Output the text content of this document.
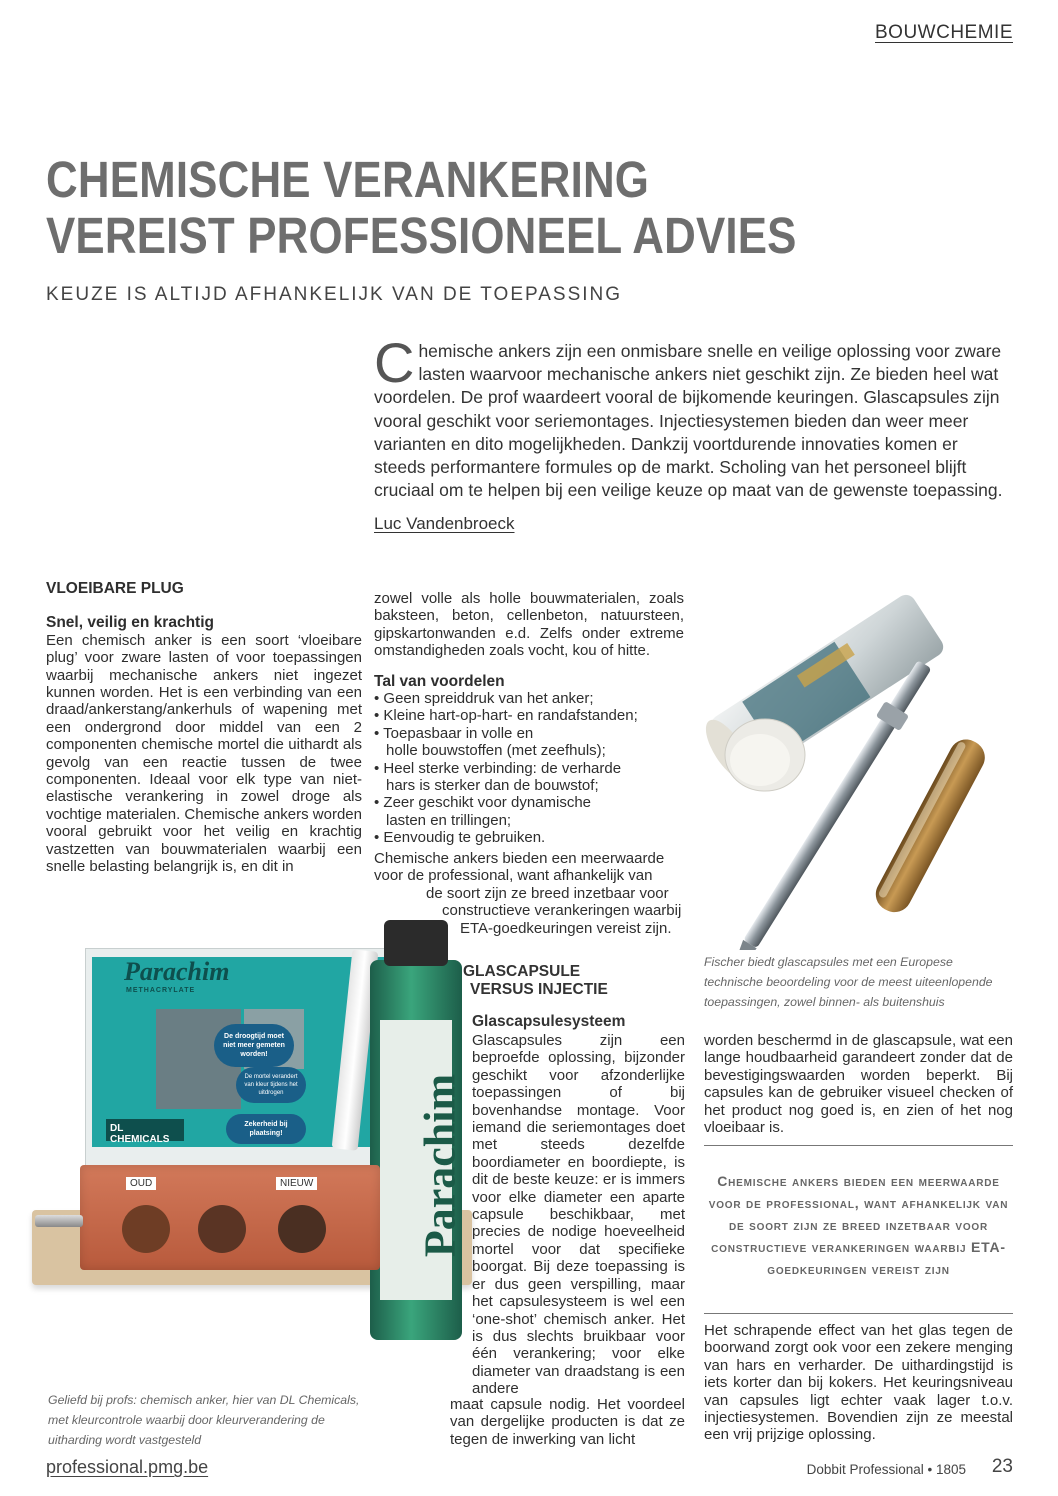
BOUWCHEMIE
CHEMISCHE VERANKERING
VEREIST PROFESSIONEEL ADVIES
KEUZE IS ALTIJD AFHANKELIJK VAN DE TOEPASSING
Chemische ankers zijn een onmisbare snelle en veilige oplossing voor zware lasten waarvoor mechanische ankers niet geschikt zijn. Ze bieden heel wat voordelen. De prof waardeert vooral de bijkomende keuringen. Glascapsules zijn vooral geschikt voor seriemontages. Injectiesystemen bieden dan weer meer varianten en dito mogelijkheden. Dankzij voortdurende innovaties komen er steeds performantere formules op de markt. Scholing van het personeel blijft cruciaal om te helpen bij een veilige keuze op maat van de gewenste toepassing.
Luc Vandenbroeck
VLOEIBARE PLUG
Snel, veilig en krachtig
Een chemisch anker is een soort ‘vloeibare plug’ voor zware lasten of voor toepassingen waarbij mechanische ankers niet ingezet kunnen worden. Het is een verbinding van een draad/ankerstang/ankerhuls of wapening met een ondergrond door middel van een 2 componenten chemische mortel die uithardt als gevolg van een reactie tussen de twee componenten. Ideaal voor elk type van niet-elastische verankering in zowel droge als vochtige materialen. Chemische ankers worden vooral gebruikt voor het veilig en krachtig vastzetten van bouwmaterialen waarbij een snelle belasting belangrijk is, en dit in
zowel volle als holle bouwmaterialen, zoals baksteen, beton, cellenbeton, natuursteen, gipskartonwanden e.d. Zelfs onder extreme omstandigheden zoals vocht, kou of hitte.
Tal van voordelen
• Geen spreiddruk van het anker;
• Kleine hart-op-hart- en randafstanden;
• Toepasbaar in volle en
holle bouwstoffen (met zeefhuls);
• Heel sterke verbinding: de verharde
hars is sterker dan de bouwstof;
• Zeer geschikt voor dynamische
lasten en trillingen;
• Eenvoudig te gebruiken.
Chemische ankers bieden een meerwaarde
voor de professional, want afhankelijk van
de soort zijn ze breed inzetbaar voor
constructieve verankeringen waarbij
ETA-goedkeuringen vereist zijn.
GLASCAPSULE
VERSUS INJECTIE
Glascapsulesysteem
Glascapsules zijn een beproefde oplossing, bijzonder geschikt voor afzonderlijke toepassingen of bij bovenhandse montage. Voor iemand die seriemontages doet met steeds dezelfde boordiameter en boordiepte, is dit de beste keuze: er is immers voor elke diameter een aparte capsule beschikbaar, met precies de nodige hoeveelheid mortel voor dat specifieke boorgat. Bij deze toepassing is er dus geen verspilling, maar het capsulesysteem is wel een ‘one-shot’ chemisch anker. Het is dus slechts bruikbaar voor één verankering; voor elke diameter van draadstang is een andere
maat capsule nodig. Het voordeel van dergelijke producten is dat ze tegen de inwerking van licht
worden beschermd in de glascapsule, wat een lange houdbaarheid garandeert zonder dat de bevestigingswaarden worden beperkt. Bij capsules kan de gebruiker visueel checken of het product nog goed is, en zien of het nog vloeibaar is.
Chemische ankers bieden een meerwaarde voor de professional, want afhankelijk van de soort zijn ze breed inzetbaar voor constructieve verankeringen waarbij ETA-goedkeuringen vereist zijn
Het schrapende effect van het glas tegen de boorwand zorgt ook voor een zekere menging van hars en verharder. De uithardingstijd is iets korter dan bij kokers. Het keuringsniveau van capsules ligt echter vaak lager t.o.v. injectiesystemen. Bovendien zijn ze meestal een vrij prijzige oplossing.
Fischer biedt glascapsules met een Europese technische beoordeling voor de meest uiteenlopende toepassingen, zowel binnen- als buitenshuis
Parachim
METHACRYLATE
De droogtijd moet niet meer gemeten worden!
De mortel verandert van kleur tijdens het uitdrogen
Zekerheid bij plaatsing!
DL CHEMICALS	Parachim
OUD	NIEUW
Geliefd bij profs: chemisch anker, hier van DL Chemicals, met kleurcontrole waarbij door kleurverandering de uitharding wordt vastgesteld
professional.pmg.be	Dobbit Professional • 1805 23
